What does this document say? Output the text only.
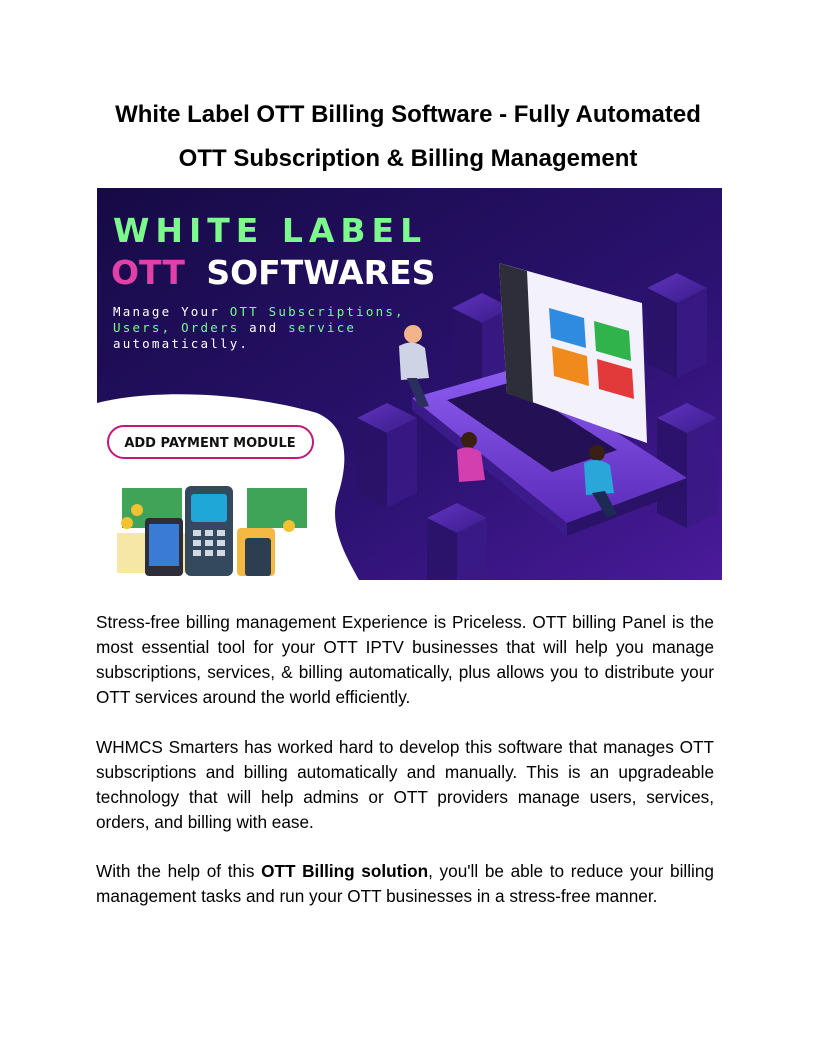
White Label OTT Billing Software - Fully Automated
OTT Subscription & Billing Management
WHITE LABEL
OTT SOFTWARES
Manage Your OTT Subscriptions,
Users, Orders and service
automatically.
ADD PAYMENT MODULE

Stress-free billing management Experience is Priceless. OTT billing Panel is the most essential tool for your OTT IPTV businesses that will help you manage subscriptions, services, & billing automatically, plus allows you to distribute your OTT services around the world efficiently.

WHMCS Smarters has worked hard to develop this software that manages OTT subscriptions and billing automatically and manually. This is an upgradeable technology that will help admins or OTT providers manage users, services, orders, and billing with ease.

With the help of this OTT Billing solution, you'll be able to reduce your billing management tasks and run your OTT businesses in a stress-free manner.
